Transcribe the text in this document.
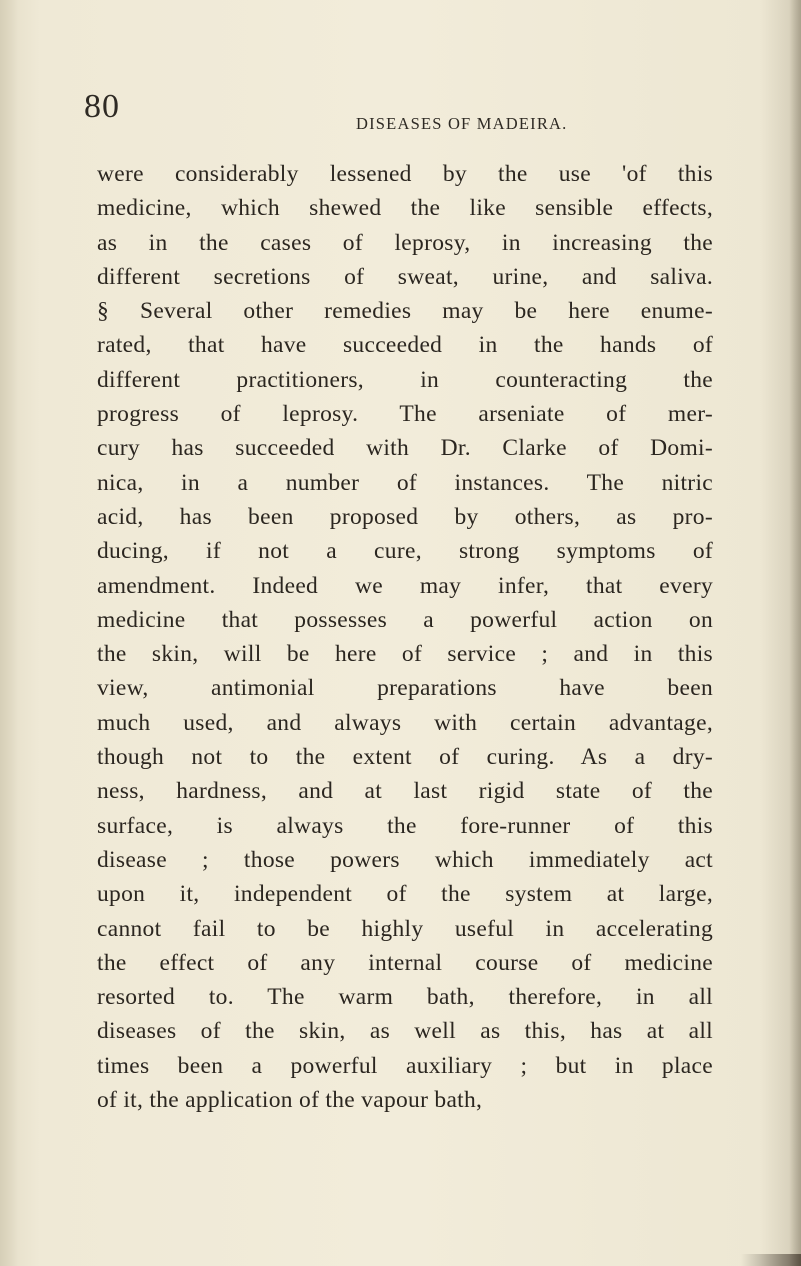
80	DISEASES OF MADEIRA.
were considerably lessened by the use 'of this
medicine, which shewed the like sensible effects,
as in the cases of leprosy, in increasing the
different secretions of sweat, urine, and saliva.
§ Several other remedies may be here enume-
rated, that have succeeded in the hands of
different practitioners, in counteracting the
progress of leprosy. The arseniate of mer-
cury has succeeded with Dr. Clarke of Domi-
nica, in a number of instances. The nitric
acid, has been proposed by others, as pro-
ducing, if not a cure, strong symptoms of
amendment. Indeed we may infer, that every
medicine that possesses a powerful action on
the skin, will be here of service ; and in this
view, antimonial preparations have been
much used, and always with certain advantage,
though not to the extent of curing. As a dry-
ness, hardness, and at last rigid state of the
surface, is always the fore-runner of this
disease ; those powers which immediately act
upon it, independent of the system at large,
cannot fail to be highly useful in accelerating
the effect of any internal course of medicine
resorted to. The warm bath, therefore, in all
diseases of the skin, as well as this, has at all
times been a powerful auxiliary ; but in place
of it, the application of the vapour bath,
